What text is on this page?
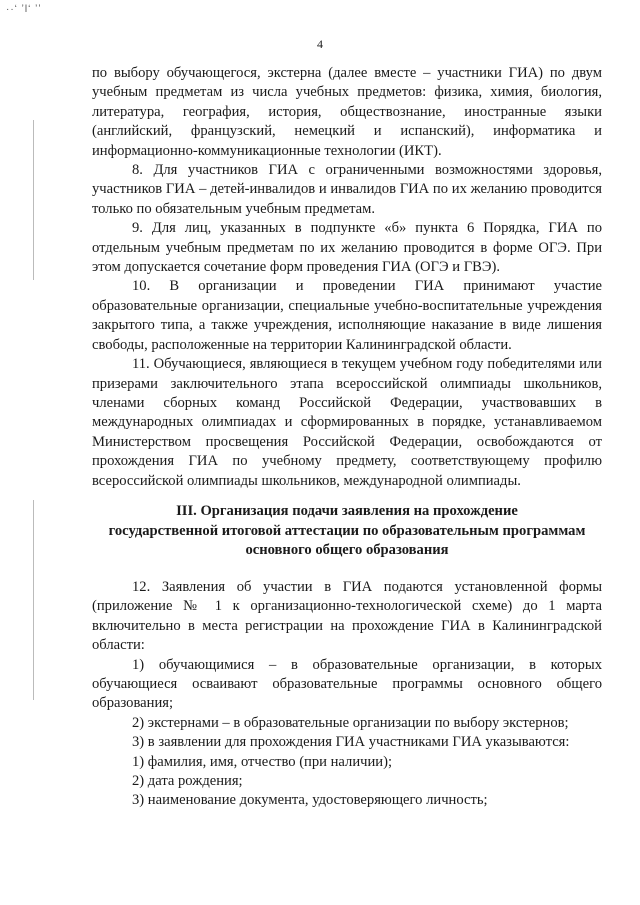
··ʻ ʼlʻ ʼʼ
4

по выбору обучающегося, экстерна (далее вместе – участники ГИА) по двум учебным предметам из числа учебных предметов: физика, химия, биология, литература, география, история, обществознание, иностранные языки (английский, французский, немецкий и испанский), информатика и информационно-коммуникационные технологии (ИКТ).

8. Для участников ГИА с ограниченными возможностями здоровья, участников ГИА – детей-инвалидов и инвалидов ГИА по их желанию проводится только по обязательным учебным предметам.

9. Для лиц, указанных в подпункте «б» пункта 6 Порядка, ГИА по отдельным учебным предметам по их желанию проводится в форме ОГЭ. При этом допускается сочетание форм проведения ГИА (ОГЭ и ГВЭ).

10. В организации и проведении ГИА принимают участие образовательные организации, специальные учебно-воспитательные учреждения закрытого типа, а также учреждения, исполняющие наказание в виде лишения свободы, расположенные на территории Калининградской области.

11. Обучающиеся, являющиеся в текущем учебном году победителями или призерами заключительного этапа всероссийской олимпиады школьников, членами сборных команд Российской Федерации, участвовавших в международных олимпиадах и сформированных в порядке, устанавливаемом Министерством просвещения Российской Федерации, освобождаются от прохождения ГИА по учебному предмету, соответствующему профилю всероссийской олимпиады школьников, международной олимпиады.

III. Организация подачи заявления на прохождение
государственной итоговой аттестации по образовательным программам
основного общего образования

12. Заявления об участии в ГИА подаются установленной формы (приложение № 1 к организационно-технологической схеме) до 1 марта включительно в места регистрации на прохождение ГИА в Калининградской области:

1) обучающимися – в образовательные организации, в которых обучающиеся осваивают образовательные программы основного общего образования;

2) экстернами – в образовательные организации по выбору экстернов;

3) в заявлении для прохождения ГИА участниками ГИА указываются:

1) фамилия, имя, отчество (при наличии);

2) дата рождения;

3) наименование документа, удостоверяющего личность;
